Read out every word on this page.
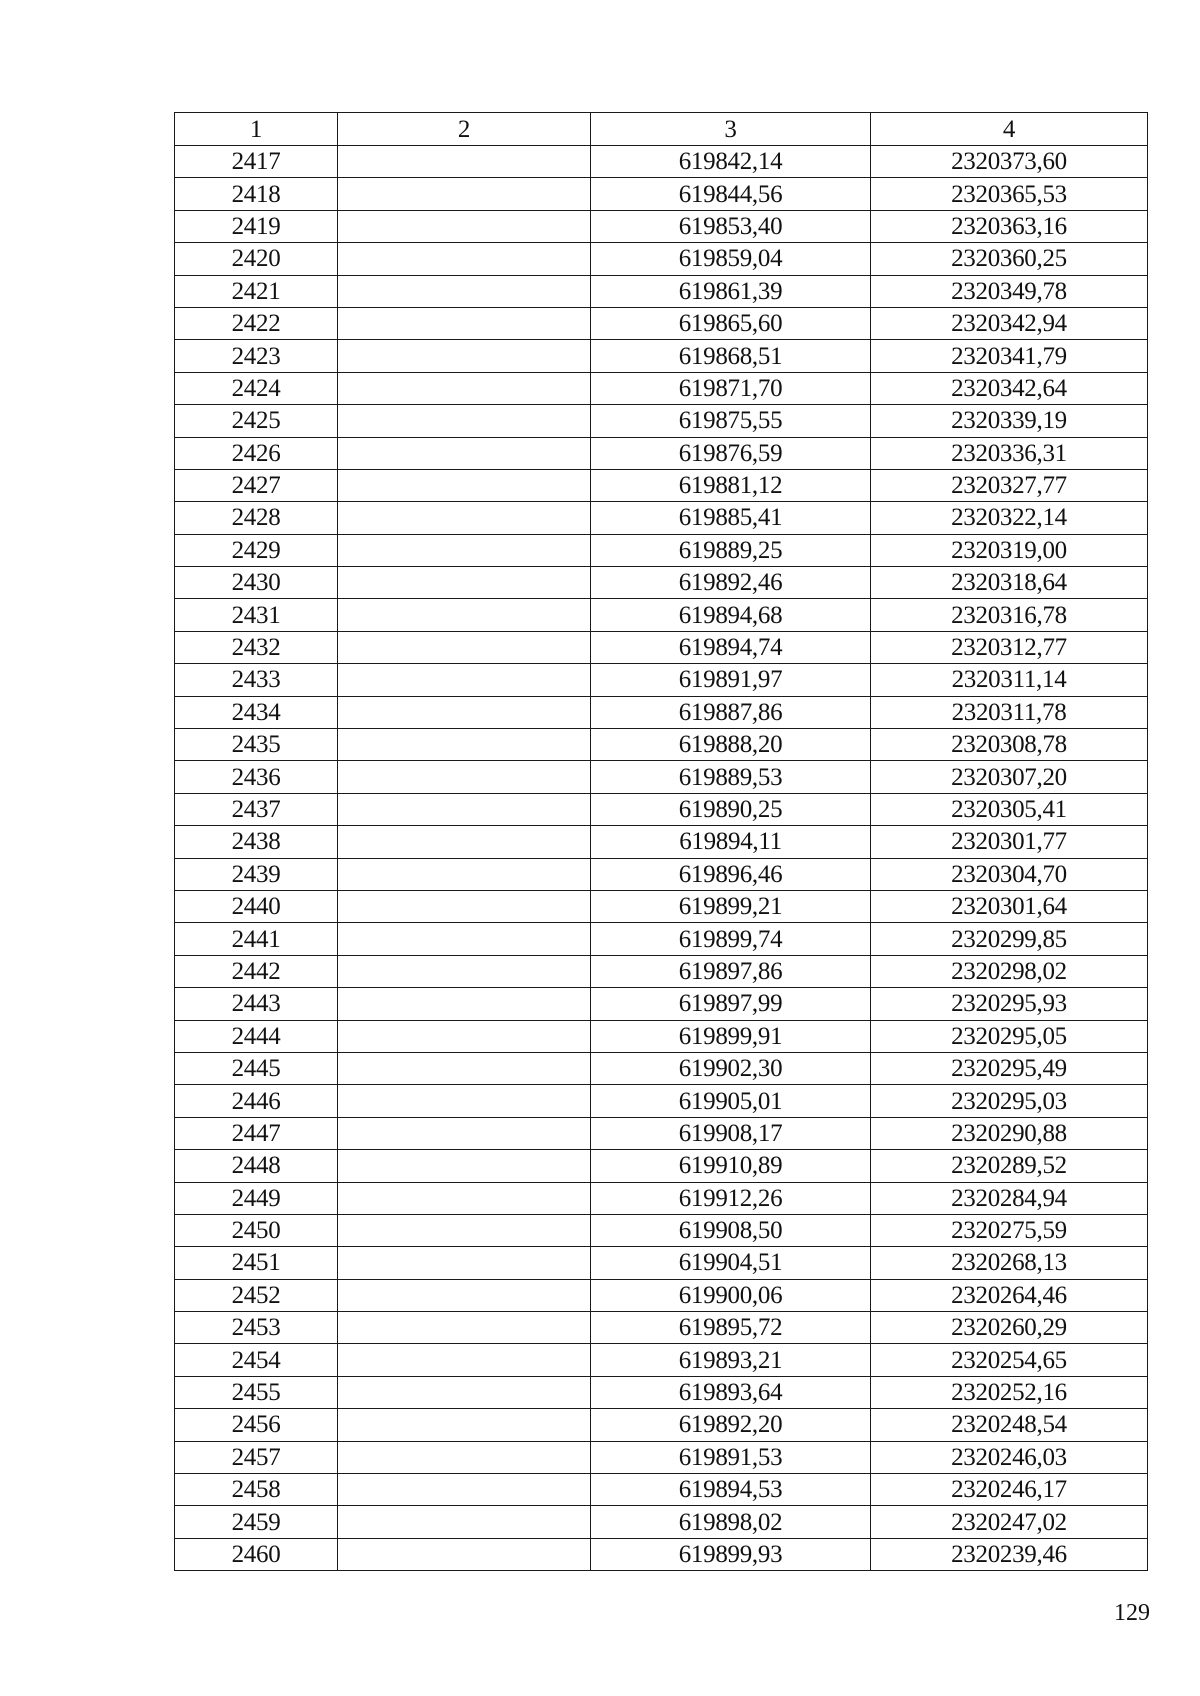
1	2	3	4
2417		619842,14	2320373,60
2418		619844,56	2320365,53
2419		619853,40	2320363,16
2420		619859,04	2320360,25
2421		619861,39	2320349,78
2422		619865,60	2320342,94
2423		619868,51	2320341,79
2424		619871,70	2320342,64
2425		619875,55	2320339,19
2426		619876,59	2320336,31
2427		619881,12	2320327,77
2428		619885,41	2320322,14
2429		619889,25	2320319,00
2430		619892,46	2320318,64
2431		619894,68	2320316,78
2432		619894,74	2320312,77
2433		619891,97	2320311,14
2434		619887,86	2320311,78
2435		619888,20	2320308,78
2436		619889,53	2320307,20
2437		619890,25	2320305,41
2438		619894,11	2320301,77
2439		619896,46	2320304,70
2440		619899,21	2320301,64
2441		619899,74	2320299,85
2442		619897,86	2320298,02
2443		619897,99	2320295,93
2444		619899,91	2320295,05
2445		619902,30	2320295,49
2446		619905,01	2320295,03
2447		619908,17	2320290,88
2448		619910,89	2320289,52
2449		619912,26	2320284,94
2450		619908,50	2320275,59
2451		619904,51	2320268,13
2452		619900,06	2320264,46
2453		619895,72	2320260,29
2454		619893,21	2320254,65
2455		619893,64	2320252,16
2456		619892,20	2320248,54
2457		619891,53	2320246,03
2458		619894,53	2320246,17
2459		619898,02	2320247,02
2460		619899,93	2320239,46
129
